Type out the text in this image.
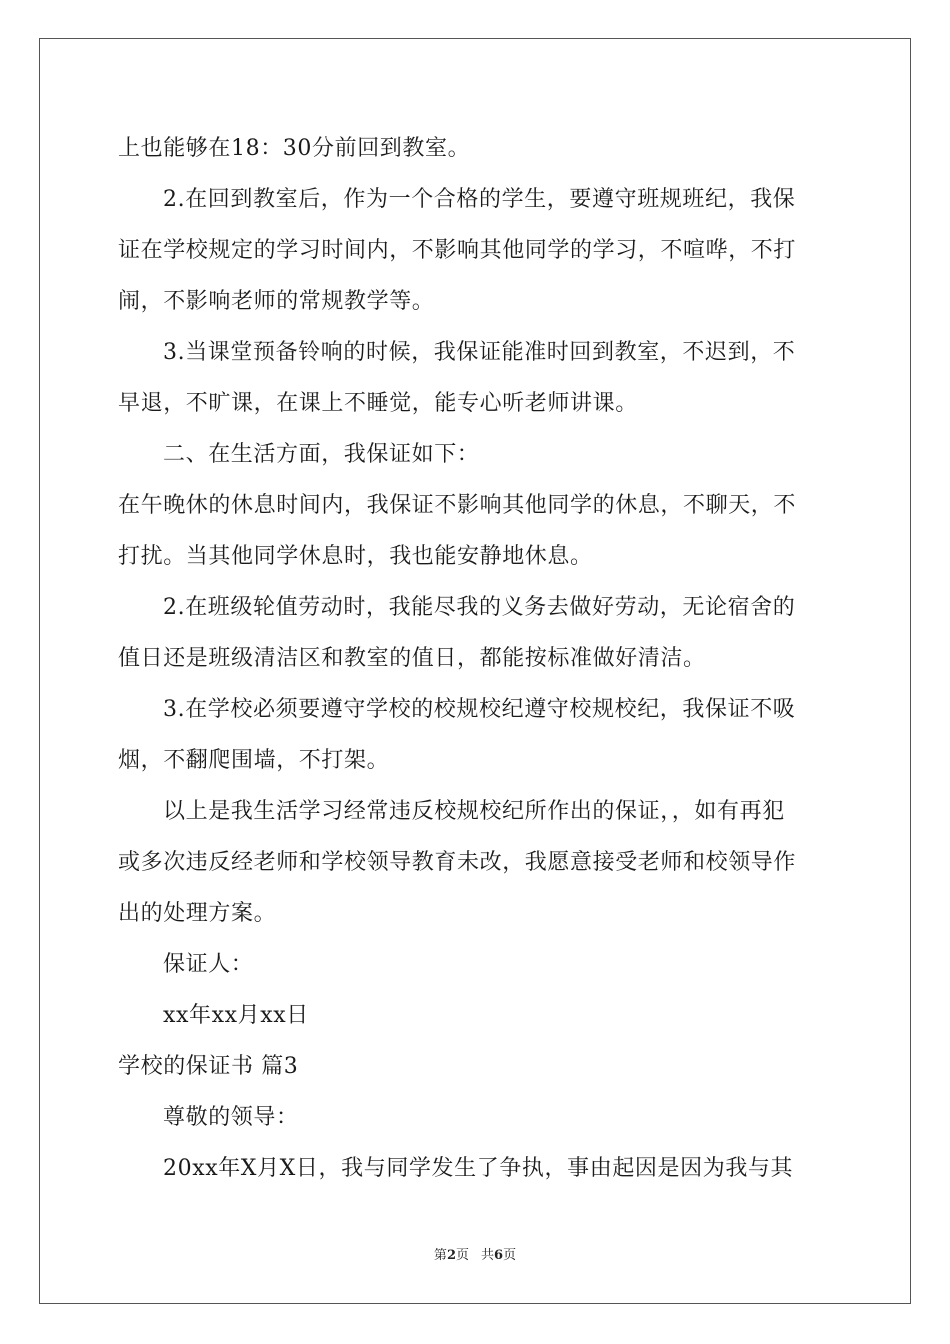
上也能够在18：30分前回到教室。
2.在回到教室后，作为一个合格的学生，要遵守班规班纪，我保
证在学校规定的学习时间内，不影响其他同学的学习，不喧哗，不打
闹，不影响老师的常规教学等。
3.当课堂预备铃响的时候，我保证能准时回到教室，不迟到，不
早退，不旷课，在课上不睡觉，能专心听老师讲课。
二、在生活方面，我保证如下：
在午晚休的休息时间内，我保证不影响其他同学的休息，不聊天，不
打扰。当其他同学休息时，我也能安静地休息。
2.在班级轮值劳动时，我能尽我的义务去做好劳动，无论宿舍的
值日还是班级清洁区和教室的值日，都能按标准做好清洁。
3.在学校必须要遵守学校的校规校纪遵守校规校纪，我保证不吸
烟，不翻爬围墙，不打架。
以上是我生活学习经常违反校规校纪所作出的保证，，如有再犯
或多次违反经老师和学校领导教育未改，我愿意接受老师和校领导作
出的处理方案。
保证人：
xx年xx月xx日
学校的保证书 篇3
尊敬的领导：
20xx年X月X日，我与同学发生了争执，事由起因是因为我与其
第2页 共6页
